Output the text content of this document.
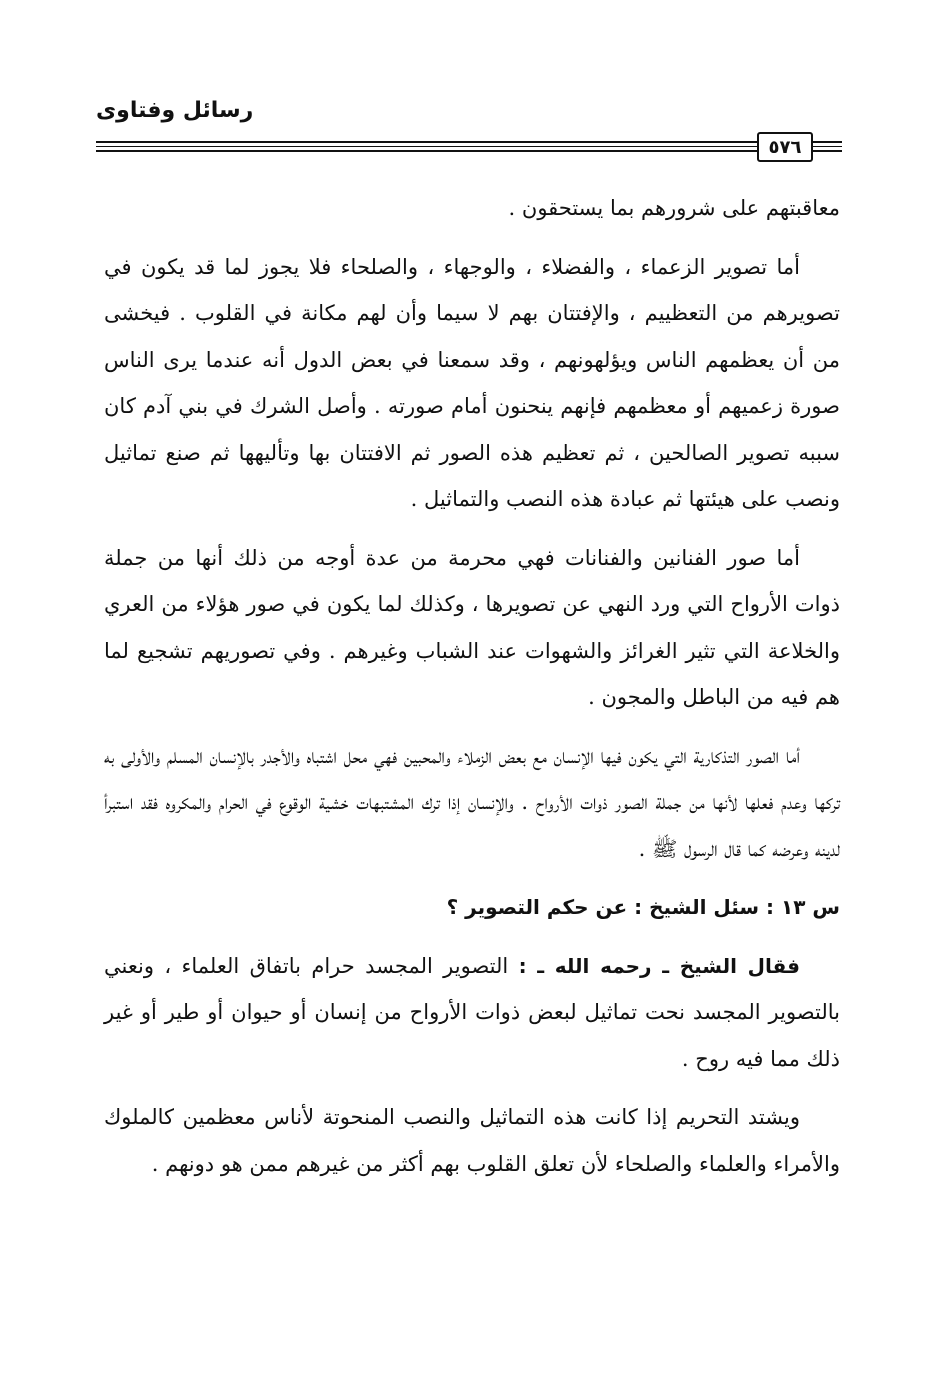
رسائل وفتاوى
٥٧٦

معاقبتهم على شرورهم بما يستحقون .

أما تصوير الزعماء ، والفضلاء ، والوجهاء ، والصلحاء فلا يجوز لما قد يكون في تصويرهم من التعظييم ، والإفتتان بهم لا سيما وأن لهم مكانة في القلوب . فيخشى من أن يعظمهم الناس ويؤلهونهم ، وقد سمعنا في بعض الدول أنه عندما يرى الناس صورة زعميهم أو معظمهم فإنهم ينحنون أمام صورته . وأصل الشرك في بني آدم كان سببه تصوير الصالحين ، ثم تعظيم هذه الصور ثم الافتتان بها وتأليهها ثم صنع تماثيل ونصب على هيئتها ثم عبادة هذه النصب والتماثيل .

أما صور الفنانين والفنانات فهي محرمة من عدة أوجه من ذلك أنها من جملة ذوات الأرواح التي ورد النهي عن تصويرها ، وكذلك لما يكون في صور هؤلاء من العري والخلاعة التي تثير الغرائز والشهوات عند الشباب وغيرهم . وفي تصوريهم تشجيع لما هم فيه من الباطل والمجون .

أما الصور التذكارية التي يكون فيها الإنسان مع بعض الزملاء والمحبين فهي محل اشتباه والأجدر بالإنسان المسلم والأولى به تركها وعدم فعلها لأنها من جملة الصور ذوات الأرواح . والإنسان إذا ترك المشتبهات خشية الوقوع في الحرام والمكروه فقد استبرأ لدينه وعرضه كما قال الرسول ﷺ .

س ١٣ : سئل الشيخ : عن حكم التصوير ؟

فقال الشيخ ـ رحمه الله ـ : التصوير المجسد حرام باتفاق العلماء ، ونعني بالتصوير المجسد نحت تماثيل لبعض ذوات الأرواح من إنسان أو حيوان أو طير أو غير ذلك مما فيه روح .

ويشتد التحريم إذا كانت هذه التماثيل والنصب المنحوتة لأناس معظمين كالملوك والأمراء والعلماء والصلحاء لأن تعلق القلوب بهم أكثر من غيرهم ممن هو دونهم .
